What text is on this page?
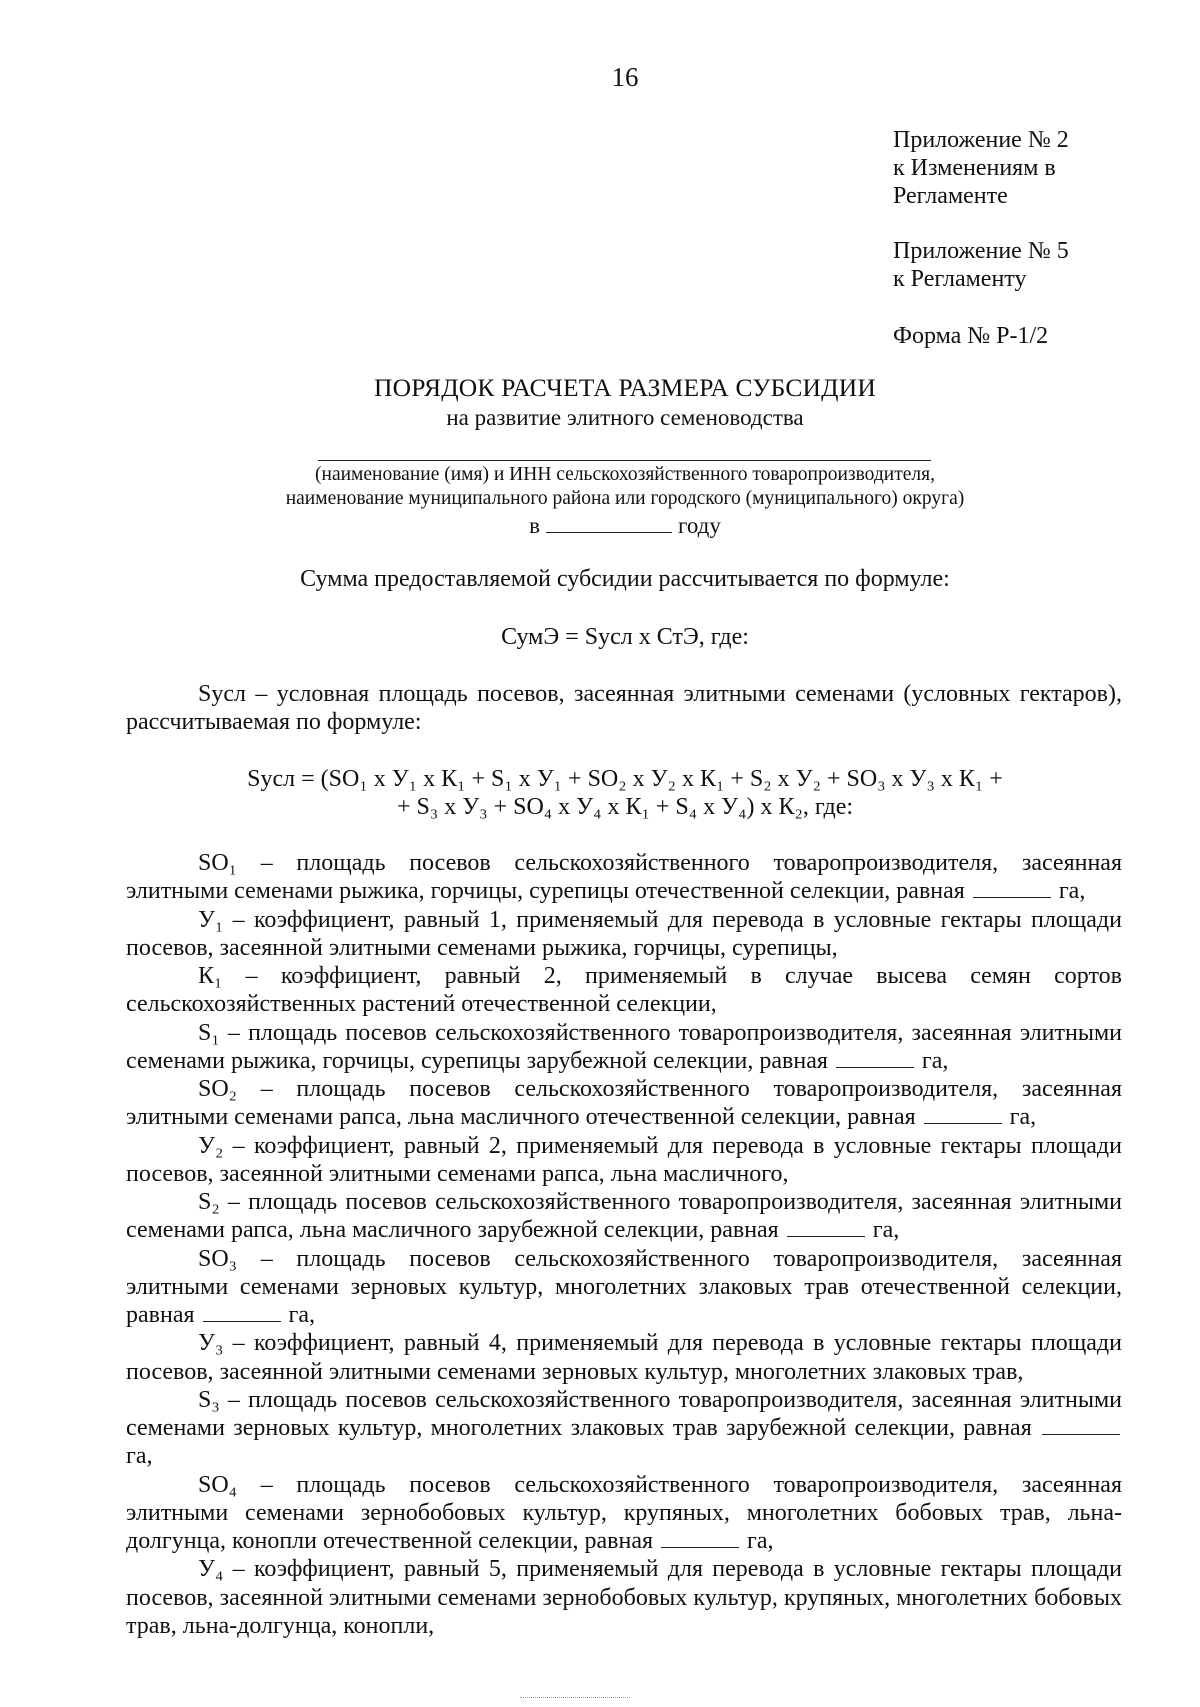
16
Приложение № 2
к Изменениям в
Регламенте
Приложение № 5
к Регламенту
Форма № Р-1/2
ПОРЯДОК РАСЧЕТА РАЗМЕРА СУБСИДИИ
на развитие элитного семеноводства
(наименование (имя) и ИНН сельскохозяйственного товаропроизводителя,
наименование муниципального района или городского (муниципального) округа)
в	году
Сумма предоставляемой субсидии рассчитывается по формуле:
СумЭ = Sусл х СтЭ, где:
Sусл – условная площадь посевов, засеянная элитными семенами (условных гектаров), рассчитываемая по формуле:
Sусл = (SO₁ х У₁ х К₁ + S₁ х У₁ + SO₂ х У₂ х К₁ + S₂ х У₂ + SO₃ х У₃ х К₁ +
+ S₃ х У₃ + SO₄ х У₄ х К₁ + S₄ х У₄) х К₂, где:

SO₁ – площадь посевов сельскохозяйственного товаропроизводителя, засеянная элитными семенами рыжика, горчицы, сурепицы отечественной селекции, равная	га,

У₁ – коэффициент, равный 1, применяемый для перевода в условные гектары площади посевов, засеянной элитными семенами рыжика, горчицы, сурепицы,

К₁ – коэффициент, равный 2, применяемый в случае высева семян сортов сельскохозяйственных растений отечественной селекции,

S₁ – площадь посевов сельскохозяйственного товаропроизводителя, засеянная элитными семенами рыжика, горчицы, сурепицы зарубежной селекции, равная	га,

SO₂ – площадь посевов сельскохозяйственного товаропроизводителя, засеянная элитными семенами рапса, льна масличного отечественной селекции, равная	га,

У₂ – коэффициент, равный 2, применяемый для перевода в условные гектары площади посевов, засеянной элитными семенами рапса, льна масличного,

S₂ – площадь посевов сельскохозяйственного товаропроизводителя, засеянная элитными семенами рапса, льна масличного зарубежной селекции, равная	га,

SO₃ – площадь посевов сельскохозяйственного товаропроизводителя, засеянная элитными семенами зерновых культур, многолетних злаковых трав отечественной селекции, равная	га,

У₃ – коэффициент, равный 4, применяемый для перевода в условные гектары площади посевов, засеянной элитными семенами зерновых культур, многолетних злаковых трав,

S₃ – площадь посевов сельскохозяйственного товаропроизводителя, засеянная элитными семенами зерновых культур, многолетних злаковых трав зарубежной селекции, равная  га,

SO₄ – площадь посевов сельскохозяйственного товаропроизводителя, засеянная элитными семенами зернобобовых культур, крупяных, многолетних бобовых трав, льна-долгунца, конопли отечественной селекции, равная	га,

У₄ – коэффициент, равный 5, применяемый для перевода в условные гектары площади посевов, засеянной элитными семенами зернобобовых культур, крупяных, многолетних бобовых трав, льна-долгунца, конопли,
